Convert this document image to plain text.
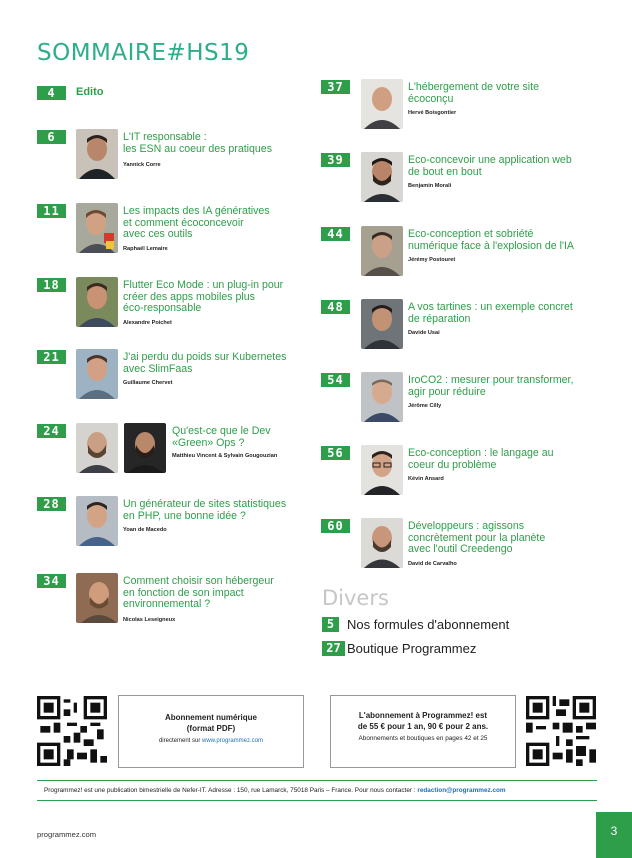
SOMMAIRE#HS19
4	Edito
6	L'IT responsable :
les ESN au coeur des pratiques
Yannick Corre
11	Les impacts des IA génératives
et comment écoconcevoir
avec ces outils
Raphaël Lemaire
18	Flutter Eco Mode : un plug-in pour
créer des apps mobiles plus
éco-responsable
Alexandre Poichet
21	J'ai perdu du poids sur Kubernetes
avec SlimFaas
Guillaume Chervet
24	Qu'est-ce que le Dev
«Green» Ops ?
Matthieu Vincent & Sylvain Gougouzian
28	Un générateur de sites statistiques
en PHP, une bonne idée ?
Yoan de Macedo
34	Comment choisir son hébergeur
en fonction de son impact
environnemental ?
Nicolas Leseigneux
37	L'hébergement de votre site
écoconçu
Hervé Boisgontier
39	Eco-concevoir une application web
de bout en bout
Benjamin Morali
44	Eco-conception et sobriété
numérique face à l'explosion de l'IA
Jérémy Postouret
48	A vos tartines : un exemple concret
de réparation
Davide Usai
54	IroCO2 : mesurer pour transformer,
agir pour réduire
Jérôme Cilly
56	Eco-conception : le langage au
coeur du problème
Kévin Ansard
60	Développeurs : agissons
concrètement pour la planète
avec l'outil Creedengo
David de Carvalho
Divers
5 Nos formules d'abonnement
27 Boutique Programmez
Abonnement numérique
(format PDF)
directement sur www.programmez.com
L'abonnement à Programmez! est
de 55 € pour 1 an, 90 € pour 2 ans.
Abonnements et boutiques en pages 42 et 25
Programmez! est une publication bimestrielle de Nefer-IT. Adresse : 150, rue Lamarck, 75018 Paris – France. Pour nous contacter : redaction@programmez.com
programmez.com	3
